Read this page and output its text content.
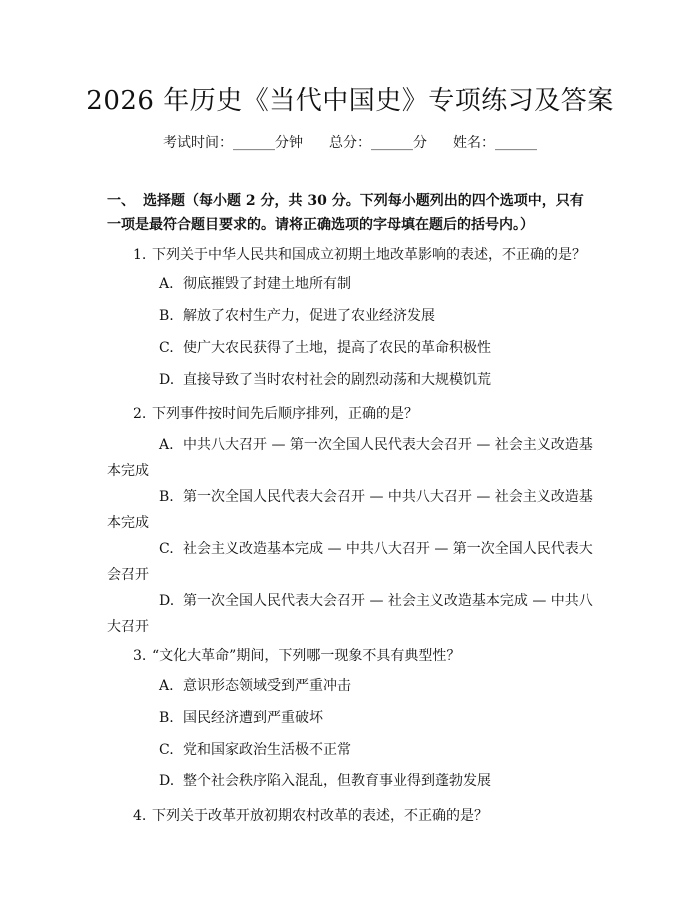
2026 年历史《当代中国史》专项练习及答案
考试时间：______分钟 总分：______分 姓名：______
一、 选择题（每小题 2 分，共 30 分。下列每小题列出的四个选项中，只有一项是最符合题目要求的。请将正确选项的字母填在题后的括号内。）
1. 下列关于中华人民共和国成立初期土地改革影响的表述，不正确的是？
A. 彻底摧毁了封建土地所有制
B. 解放了农村生产力，促进了农业经济发展
C. 使广大农民获得了土地，提高了农民的革命积极性
D. 直接导致了当时农村社会的剧烈动荡和大规模饥荒
2. 下列事件按时间先后顺序排列，正确的是？
A. 中共八大召开 — 第一次全国人民代表大会召开 — 社会主义改造基本完成
B. 第一次全国人民代表大会召开 — 中共八大召开 — 社会主义改造基本完成
C. 社会主义改造基本完成 — 中共八大召开 — 第一次全国人民代表大会召开
D. 第一次全国人民代表大会召开 — 社会主义改造基本完成 — 中共八大召开
3. “文化大革命”期间，下列哪一现象不具有典型性？
A. 意识形态领域受到严重冲击
B. 国民经济遭到严重破坏
C. 党和国家政治生活极不正常
D. 整个社会秩序陷入混乱，但教育事业得到蓬勃发展
4. 下列关于改革开放初期农村改革的表述，不正确的是？
